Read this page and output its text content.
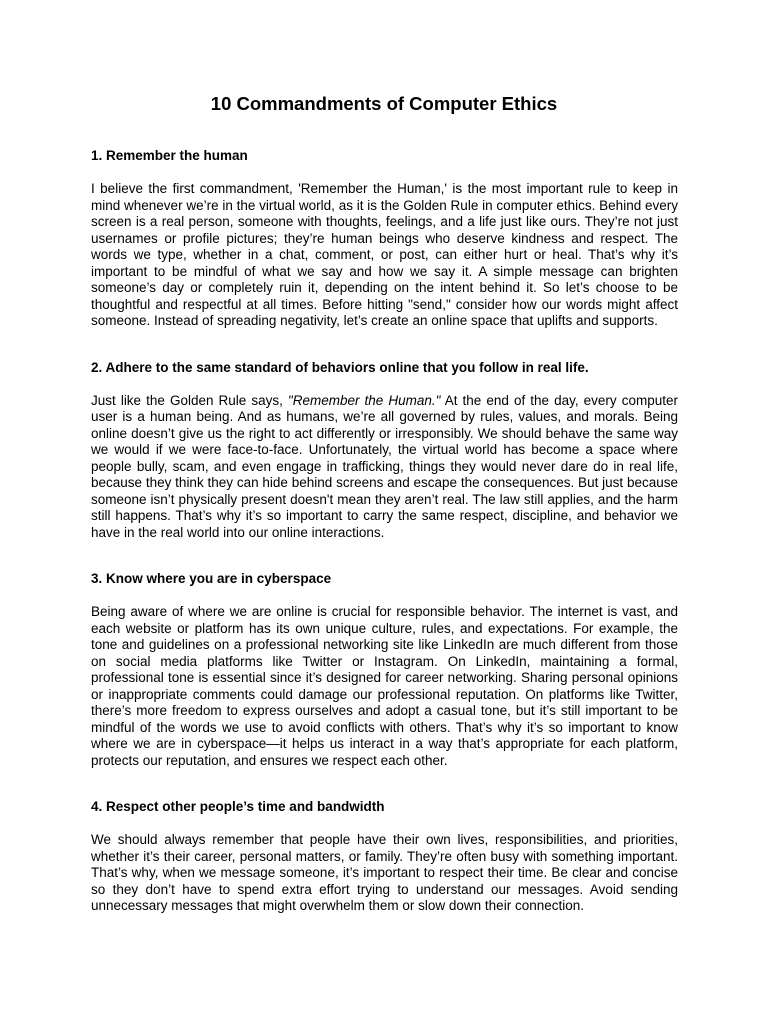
10 Commandments of Computer Ethics

1. Remember the human

I believe the first commandment, 'Remember the Human,' is the most important rule to keep in mind whenever we’re in the virtual world, as it is the Golden Rule in computer ethics. Behind every screen is a real person, someone with thoughts, feelings, and a life just like ours. They’re not just usernames or profile pictures; they’re human beings who deserve kindness and respect. The words we type, whether in a chat, comment, or post, can either hurt or heal. That’s why it’s important to be mindful of what we say and how we say it. A simple message can brighten someone’s day or completely ruin it, depending on the intent behind it. So let’s choose to be thoughtful and respectful at all times. Before hitting "send," consider how our words might affect someone. Instead of spreading negativity, let’s create an online space that uplifts and supports.

2. Adhere to the same standard of behaviors online that you follow in real life.

Just like the Golden Rule says, "Remember the Human." At the end of the day, every computer user is a human being. And as humans, we’re all governed by rules, values, and morals. Being online doesn’t give us the right to act differently or irresponsibly. We should behave the same way we would if we were face-to-face. Unfortunately, the virtual world has become a space where people bully, scam, and even engage in trafficking, things they would never dare do in real life, because they think they can hide behind screens and escape the consequences. But just because someone isn’t physically present doesn't mean they aren’t real. The law still applies, and the harm still happens. That’s why it’s so important to carry the same respect, discipline, and behavior we have in the real world into our online interactions.

3. Know where you are in cyberspace

Being aware of where we are online is crucial for responsible behavior. The internet is vast, and each website or platform has its own unique culture, rules, and expectations. For example, the tone and guidelines on a professional networking site like LinkedIn are much different from those on social media platforms like Twitter or Instagram. On LinkedIn, maintaining a formal, professional tone is essential since it’s designed for career networking. Sharing personal opinions or inappropriate comments could damage our professional reputation. On platforms like Twitter, there’s more freedom to express ourselves and adopt a casual tone, but it’s still important to be mindful of the words we use to avoid conflicts with others. That’s why it’s so important to know where we are in cyberspace—it helps us interact in a way that’s appropriate for each platform, protects our reputation, and ensures we respect each other.

4. Respect other people’s time and bandwidth

We should always remember that people have their own lives, responsibilities, and priorities, whether it’s their career, personal matters, or family. They’re often busy with something important. That’s why, when we message someone, it’s important to respect their time. Be clear and concise so they don’t have to spend extra effort trying to understand our messages. Avoid sending unnecessary messages that might overwhelm them or slow down their connection.
